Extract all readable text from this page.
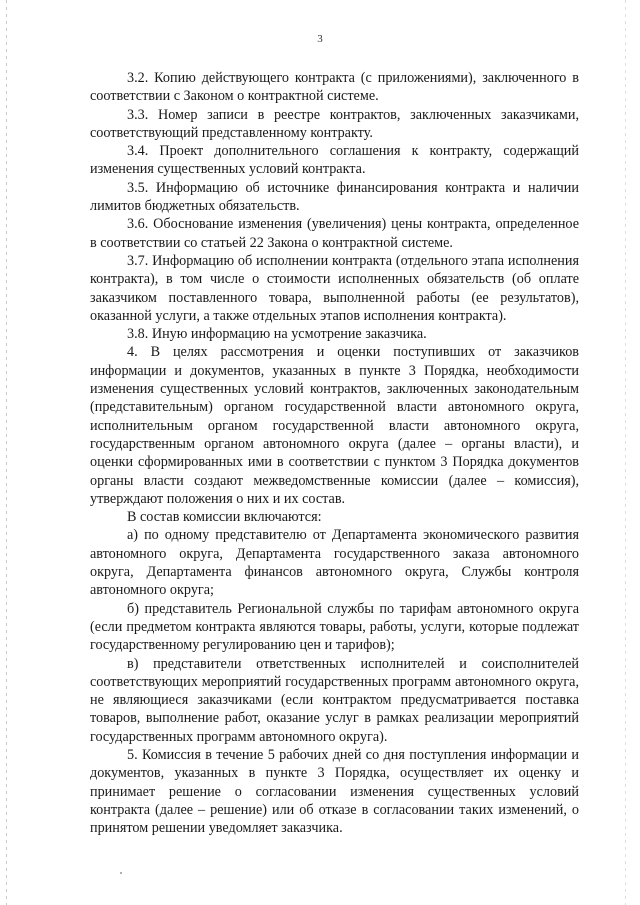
3

3.2. Копию действующего контракта (с приложениями), заключенного в соответствии с Законом о контрактной системе.

3.3. Номер записи в реестре контрактов, заключенных заказчиками, соответствующий представленному контракту.

3.4. Проект дополнительного соглашения к контракту, содержащий изменения существенных условий контракта.

3.5. Информацию об источнике финансирования контракта и наличии лимитов бюджетных обязательств.

3.6. Обоснование изменения (увеличения) цены контракта, определенное в соответствии со статьей 22 Закона о контрактной системе.

3.7. Информацию об исполнении контракта (отдельного этапа исполнения контракта), в том числе о стоимости исполненных обязательств (об оплате заказчиком поставленного товара, выполненной работы (ее результатов), оказанной услуги, а также отдельных этапов исполнения контракта).

3.8. Иную информацию на усмотрение заказчика.

4. В целях рассмотрения и оценки поступивших от заказчиков информации и документов, указанных в пункте 3 Порядка, необходимости изменения существенных условий контрактов, заключенных законодательным (представительным) органом государственной власти автономного округа, исполнительным органом государственной власти автономного округа, государственным органом автономного округа (далее – органы власти), и оценки сформированных ими в соответствии с пунктом 3 Порядка документов органы власти создают межведомственные комиссии (далее – комиссия), утверждают положения о них и их состав.

В состав комиссии включаются:

а) по одному представителю от Департамента экономического развития автономного округа, Департамента государственного заказа автономного округа, Департамента финансов автономного округа, Службы контроля автономного округа;

б) представитель Региональной службы по тарифам автономного округа (если предметом контракта являются товары, работы, услуги, которые подлежат государственному регулированию цен и тарифов);

в) представители ответственных исполнителей и соисполнителей соответствующих мероприятий государственных программ автономного округа, не являющиеся заказчиками (если контрактом предусматривается поставка товаров, выполнение работ, оказание услуг в рамках реализации мероприятий государственных программ автономного округа).

5. Комиссия в течение 5 рабочих дней со дня поступления информации и документов, указанных в пункте 3 Порядка, осуществляет их оценку и принимает решение о согласовании изменения существенных условий контракта (далее – решение) или об отказе в согласовании таких изменений, о принятом решении уведомляет заказчика.
